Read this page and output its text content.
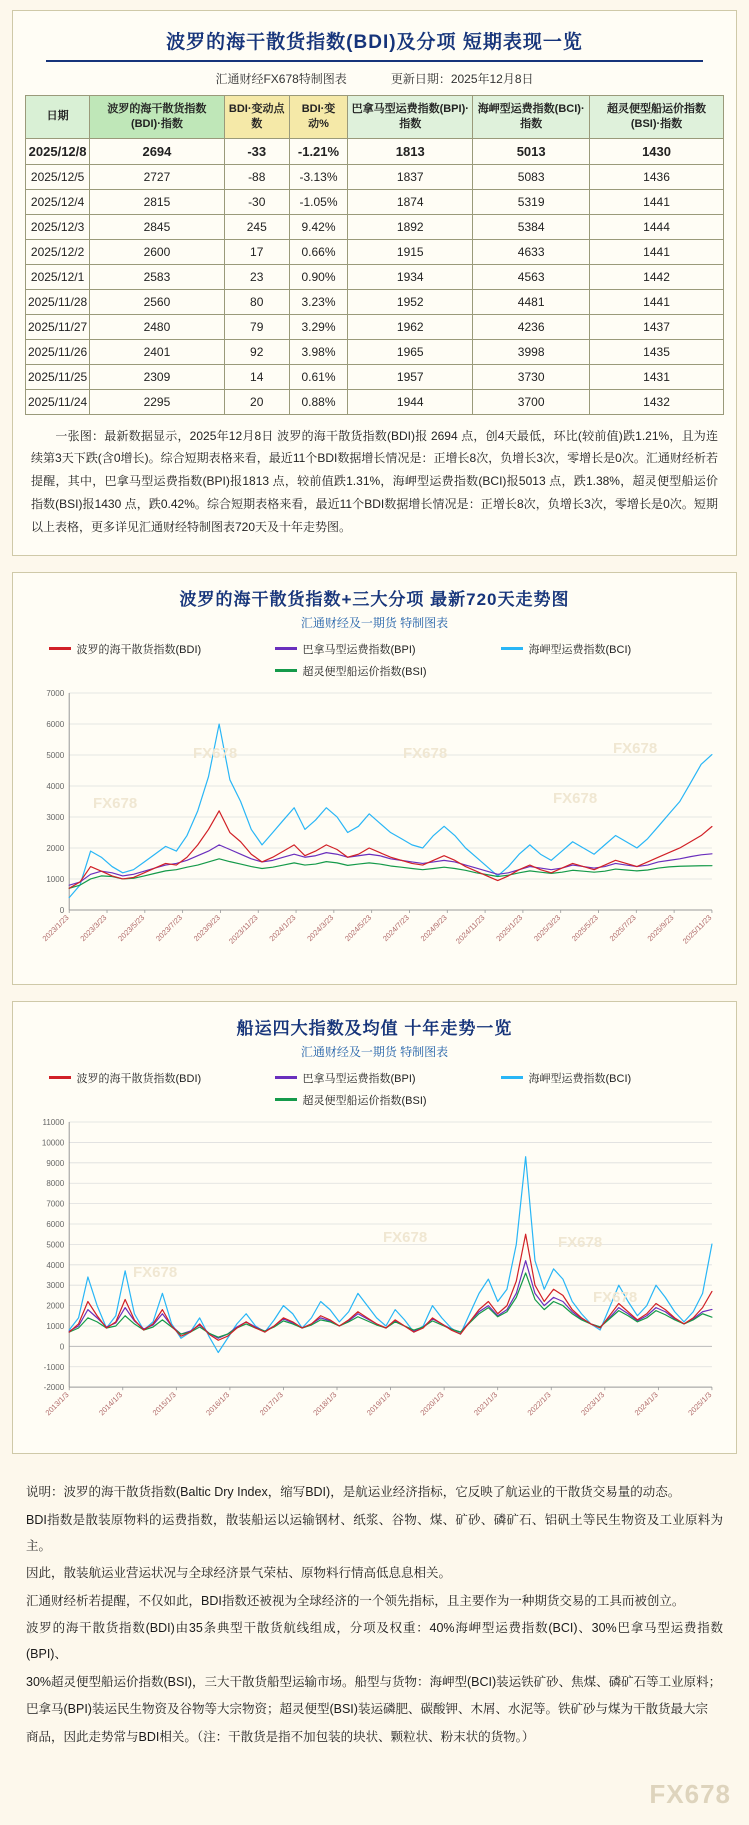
波罗的海干散货指数(BDI)及分项 短期表现一览
汇通财经FX678特制图表	更新日期：2025年12月8日
日期	波罗的海干散货指数(BDI)·指数	BDI·变动点数	BDI·变动%	巴拿马型运费指数(BPI)·指数	海岬型运费指数(BCI)·指数	超灵便型船运价指数(BSI)·指数
2025/12/8	2694	-33	-1.21%	1813	5013	1430
2025/12/5	2727	-88	-3.13%	1837	5083	1436
2025/12/4	2815	-30	-1.05%	1874	5319	1441
2025/12/3	2845	245	9.42%	1892	5384	1444
2025/12/2	2600	17	0.66%	1915	4633	1441
2025/12/1	2583	23	0.90%	1934	4563	1442
2025/11/28	2560	80	3.23%	1952	4481	1441
2025/11/27	2480	79	3.29%	1962	4236	1437
2025/11/26	2401	92	3.98%	1965	3998	1435
2025/11/25	2309	14	0.61%	1957	3730	1431
2025/11/24	2295	20	0.88%	1944	3700	1432
　　一张图：最新数据显示，2025年12月8日 波罗的海干散货指数(BDI)报 2694 点，创4天最低，环比(较前值)跌1.21%，且为连续第3天下跌(含0增长)。综合短期表格来看，最近11个BDI数据增长情况是：正增长8次，负增长3次，零增长是0次。汇通财经析若提醒，其中，巴拿马型运费指数(BPI)报1813 点，较前值跌1.31%，海岬型运费指数(BCI)报5013 点，跌1.38%，超灵便型船运价指数(BSI)报1430 点，跌0.42%。综合短期表格来看，最近11个BDI数据增长情况是：正增长8次，负增长3次，零增长是0次。短期以上表格，更多详见汇通财经特制图表720天及十年走势图。
波罗的海干散货指数+三大分项 最新720天走势图
汇通财经及一期货 特制图表
波罗的海干散货指数(BDI)	巴拿马型运费指数(BPI)	海岬型运费指数(BCI)
超灵便型船运价指数(BSI)
0
1000
2000
3000
4000
5000
6000
7000
2023/1/23 2023/3/23 2023/5/23 2023/7/23 2023/9/23 2023/11/23 2024/1/23 2024/3/23 2024/5/23 2024/7/23 2024/9/23 2024/11/23 2025/1/23 2025/3/23 2025/5/23 2025/7/23 2025/9/23 2025/11/23
FX678
FX678
FX678
FX678
FX678
船运四大指数及均值 十年走势一览
汇通财经及一期货 特制图表
波罗的海干散货指数(BDI)	巴拿马型运费指数(BPI)	海岬型运费指数(BCI)
超灵便型船运价指数(BSI)
-2000
-1000
0
1000
2000
3000
4000
5000
6000
7000
8000
9000
10000
11000
2013/1/3	2014/1/3	2015/1/3	2016/1/3	2017/1/3	2018/1/3	2019/1/3	2020/1/3	2021/1/3	2022/1/3	2023/1/3	2024/1/3	2025/1/3
FX678
FX678	FX678
FX678

说明：波罗的海干散货指数(Baltic Dry Index，缩写BDI)，是航运业经济指标，它反映了航运业的干散货交易量的动态。

BDI指数是散装原物料的运费指数，散装船运以运输钢材、纸浆、谷物、煤、矿砂、磷矿石、铝矾土等民生物资及工业原料为主。

因此，散装航运业营运状况与全球经济景气荣枯、原物料行情高低息息相关。

汇通财经析若提醒，不仅如此，BDI指数还被视为全球经济的一个领先指标，且主要作为一种期货交易的工具而被创立。

波罗的海干散货指数(BDI)由35条典型干散货航线组成，分项及权重：40%海岬型运费指数(BCI)、30%巴拿马型运费指数(BPI)、

30%超灵便型船运价指数(BSI)，三大干散货船型运输市场。船型与货物：海岬型(BCI)装运铁矿砂、焦煤、磷矿石等工业原料；

巴拿马(BPI)装运民生物资及谷物等大宗物资；超灵便型(BSI)装运磷肥、碳酸钾、木屑、水泥等。铁矿砂与煤为干散货最大宗

商品，因此走势常与BDI相关。（注：干散货是指不加包装的块状、颗粒状、粉末状的货物。）

FX678
